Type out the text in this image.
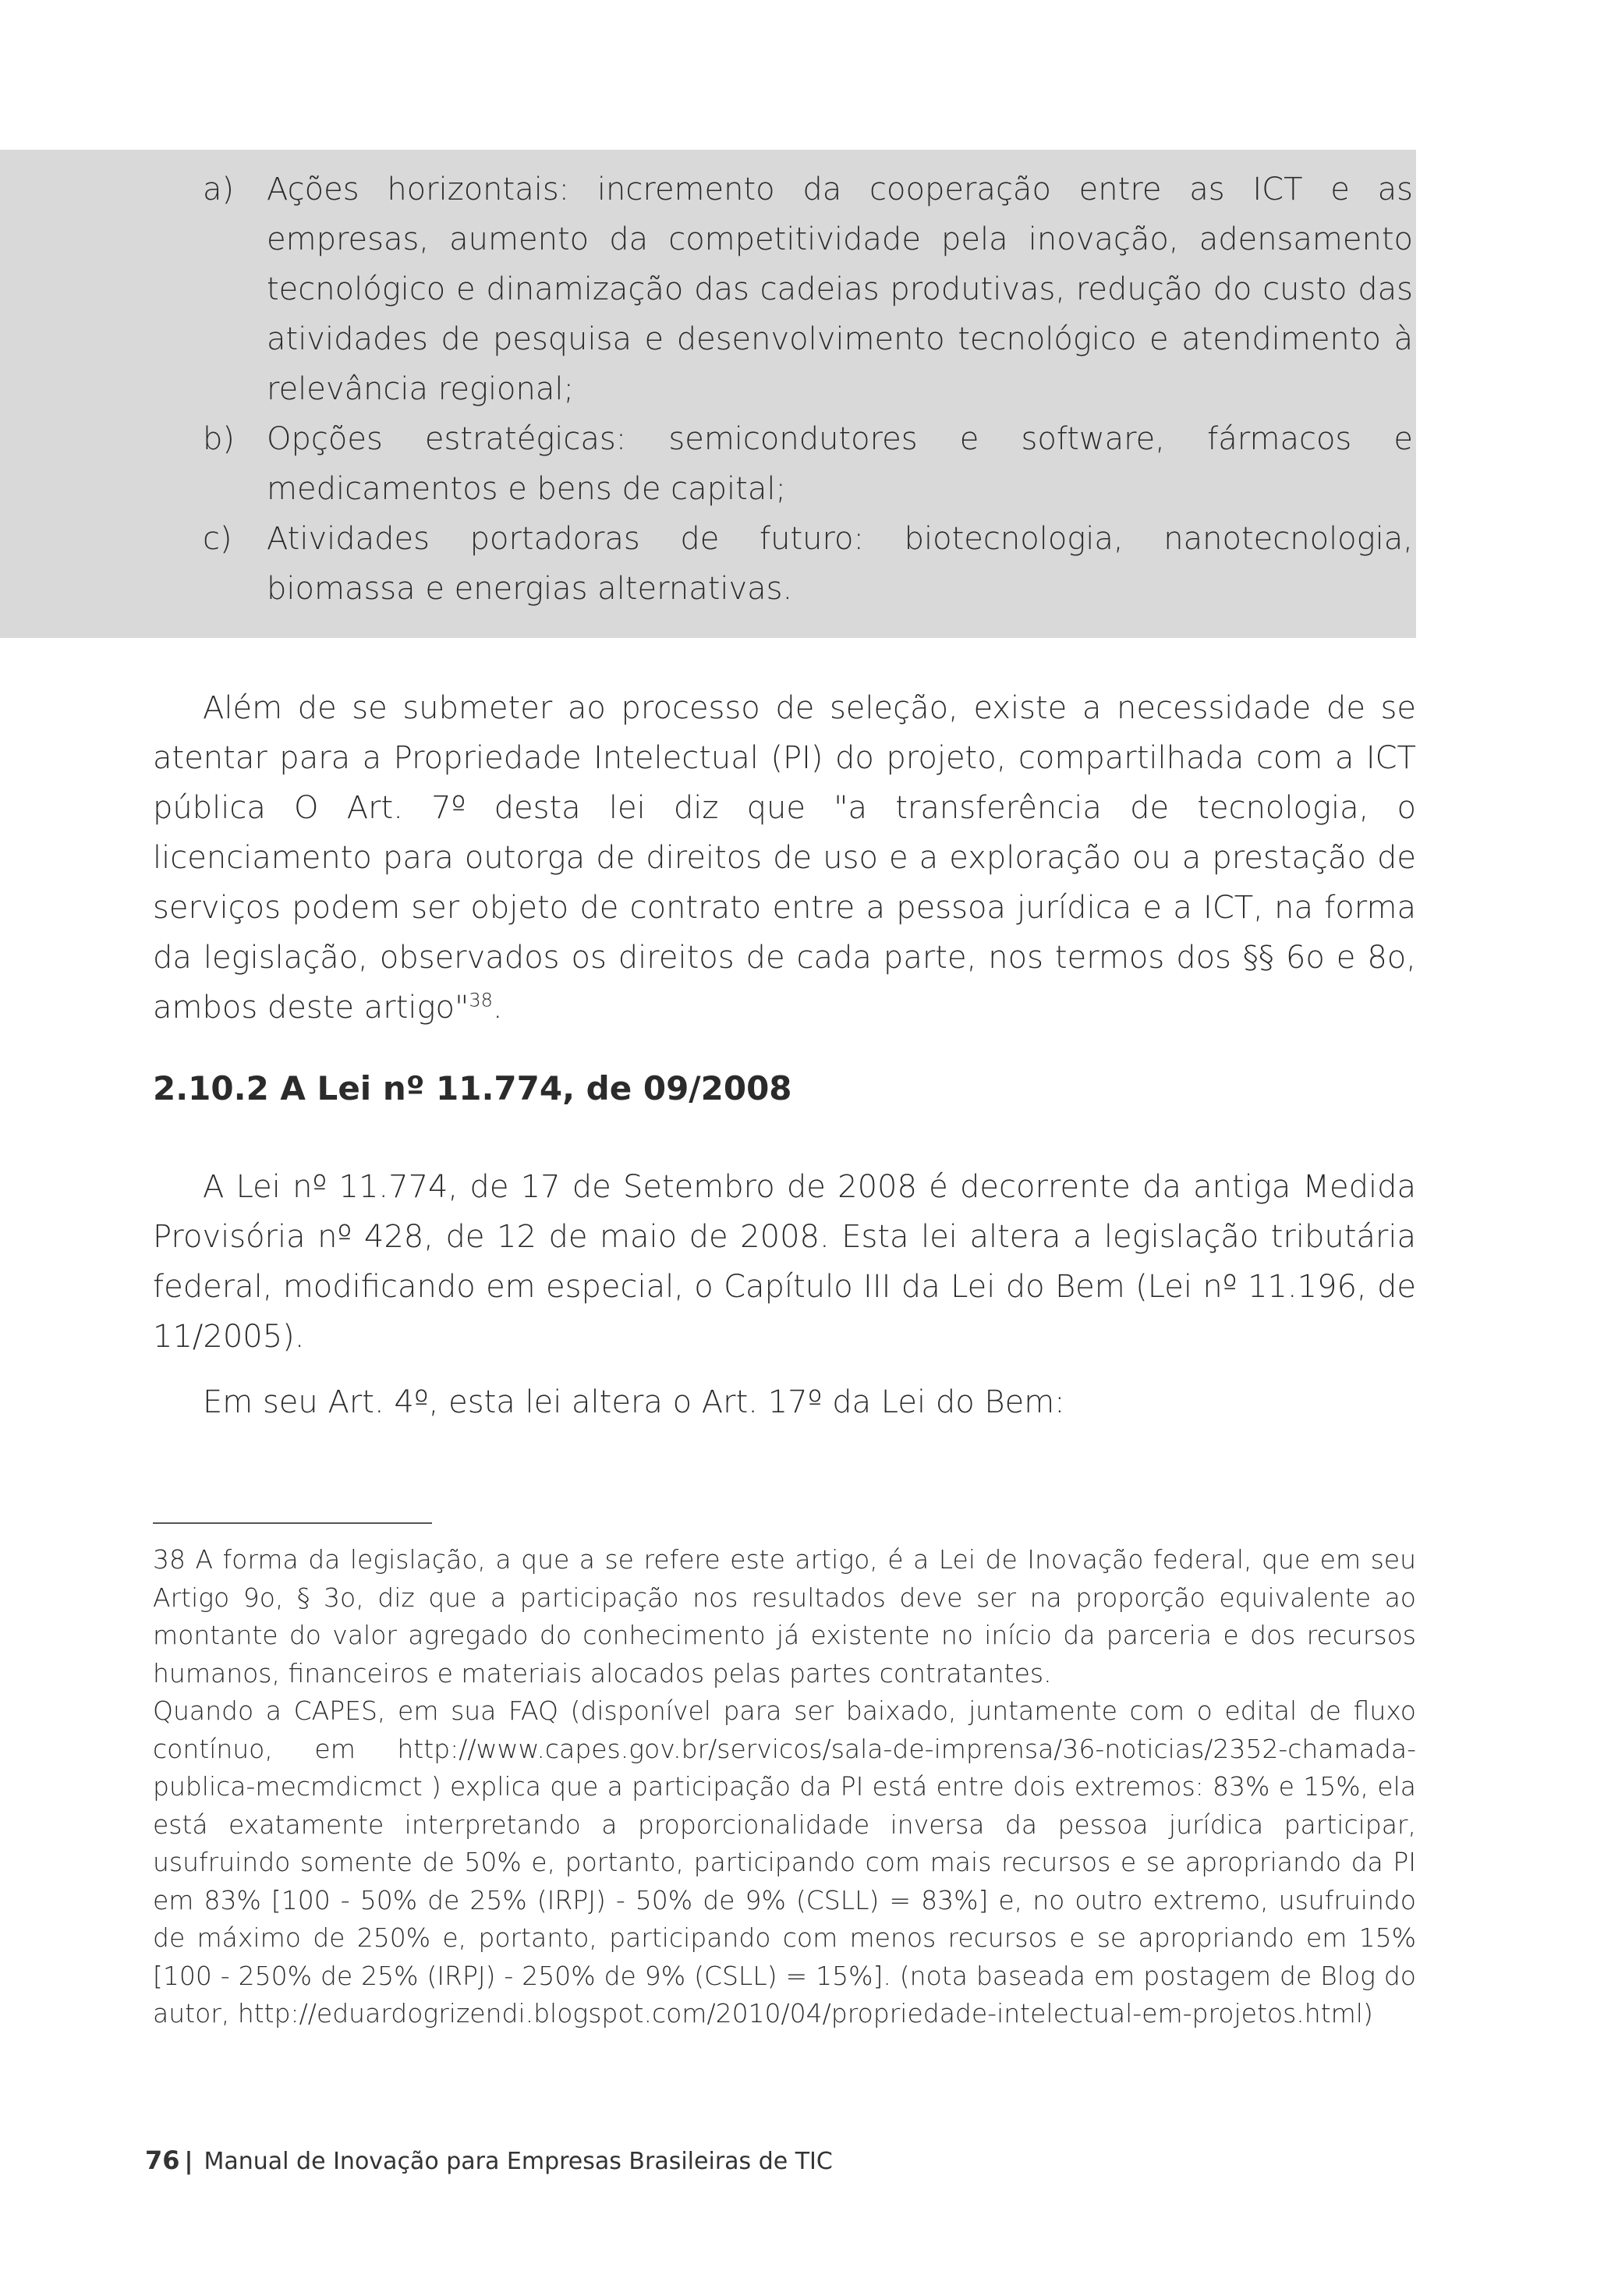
a)	Ações horizontais: incremento da cooperação entre as ICT e as empresas, aumento da competitividade pela inovação, adensamento tecnológico e dinamização das cadeias produtivas, redução do custo das atividades de pesquisa e desenvolvimento tecnológico e atendimento à relevância regional;
b)	Opções estratégicas: semicondutores e software, fármacos e medicamentos e bens de capital;
c)	Atividades portadoras de futuro: biotecnologia, nanotecnologia, biomassa e energias alternativas.

Além de se submeter ao processo de seleção, existe a necessidade de se atentar para a Propriedade Intelectual (PI) do projeto, compartilhada com a ICT pública O Art. 7º desta lei diz que "a transferência de tecnologia, o licenciamento para outorga de direitos de uso e a exploração ou a prestação de serviços podem ser objeto de contrato entre a pessoa jurídica e a ICT, na forma da legislação, observados os direitos de cada parte, nos termos dos §§ 6o e 8o, ambos deste artigo"$^{38}$.

2.10.2 A Lei nº 11.774, de 09/2008

A Lei nº 11.774, de 17 de Setembro de 2008 é decorrente da antiga Medida Provisória nº 428, de 12 de maio de 2008. Esta lei altera a legislação tributária federal, modificando em especial, o Capítulo III da Lei do Bem (Lei nº 11.196, de 11/2005).

Em seu Art. 4º, esta lei altera o Art. 17º da Lei do Bem:

38 A forma da legislação, a que a se refere este artigo, é a Lei de Inovação federal, que em seu Artigo 9o, § 3o, diz que a participação nos resultados deve ser na proporção equivalente ao montante do valor agregado do conhecimento já existente no início da parceria e dos recursos humanos, financeiros e materiais alocados pelas partes contratantes.

Quando a CAPES, em sua FAQ (disponível para ser baixado, juntamente com o edital de fluxo contínuo, em http://www.capes.gov.br/servicos/sala-de-imprensa/36-noticias/2352-chamada-publica-mecmdicmct ) explica que a participação da PI está entre dois extremos: 83% e 15%, ela está exatamente interpretando a proporcionalidade inversa da pessoa jurídica participar, usufruindo somente de 50% e, portanto, participando com mais recursos e se apropriando da PI em 83% [100 - 50% de 25% (IRPJ) - 50% de 9% (CSLL) = 83%] e, no outro extremo, usufruindo de máximo de 250% e, portanto, participando com menos recursos e se apropriando em 15% [100 - 250% de 25% (IRPJ) - 250% de 9% (CSLL) = 15%]. (nota baseada em postagem de Blog do autor, http://eduardogrizendi.blogspot.com/2010/04/propriedade-intelectual-em-projetos.html)

76 | Manual de Inovação para Empresas Brasileiras de TIC
